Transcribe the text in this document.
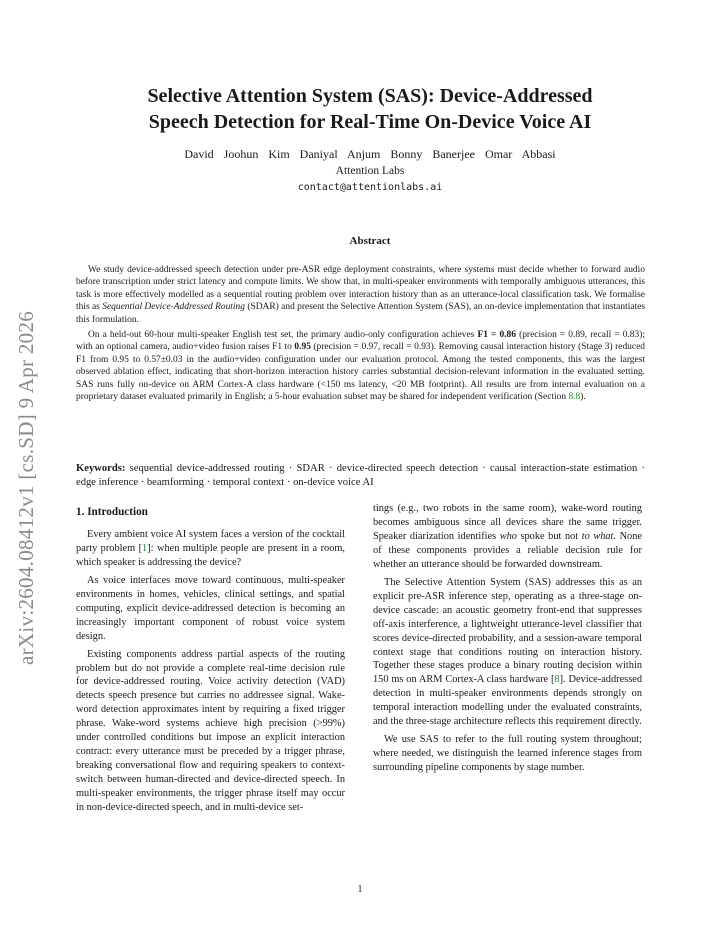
arXiv:2604.08412v1 [cs.SD] 9 Apr 2026
Selective Attention System (SAS): Device-Addressed
Speech Detection for Real-Time On-Device Voice AI
David Joohun Kim Daniyal Anjum Bonny Banerjee Omar Abbasi
Attention Labs
contact@attentionlabs.ai
Abstract

We study device-addressed speech detection under pre-ASR edge deployment constraints, where systems must decide whether to forward audio before transcription under strict latency and compute limits. We show that, in multi-speaker environments with temporally ambiguous utterances, this task is more effectively modelled as a sequential routing problem over interaction history than as an utterance-local classification task. We formalise this as Sequential Device-Addressed Routing (SDAR) and present the Selective Attention System (SAS), an on-device implementation that instantiates this formulation.

On a held-out 60-hour multi-speaker English test set, the primary audio-only configuration achieves F1 = 0.86 (precision = 0.89, recall = 0.83); with an optional camera, audio+video fusion raises F1 to 0.95 (precision = 0.97, recall = 0.93). Removing causal interaction history (Stage 3) reduced F1 from 0.95 to 0.57±0.03 in the audio+video configuration under our evaluation protocol. Among the tested components, this was the largest observed ablation effect, indicating that short-horizon interaction history carries substantial decision-relevant information in the evaluated setting. SAS runs fully on-device on ARM Cortex-A class hardware (<150 ms latency, <20 MB footprint). All results are from internal evaluation on a proprietary dataset evaluated primarily in English; a 5-hour evaluation subset may be shared for independent verification (Section 8.8).

Keywords: sequential device-addressed routing · SDAR · device-directed speech detection · causal interaction-state estimation · edge inference · beamforming · temporal context · on-device voice AI
1. Introduction

Every ambient voice AI system faces a version of the cocktail party problem [1]: when multiple people are present in a room, which speaker is addressing the device?

As voice interfaces move toward continuous, multi-speaker environments in homes, vehicles, clinical settings, and spatial computing, explicit device-addressed detection is becoming an increasingly important component of robust voice system design.

Existing components address partial aspects of the routing problem but do not provide a complete real-time decision rule for device-addressed routing. Voice activity detection (VAD) detects speech presence but carries no addressee signal. Wake-word detection approximates intent by requiring a fixed trigger phrase. Wake-word systems achieve high precision (>99%) under controlled conditions but impose an explicit interaction contract: every utterance must be preceded by a trigger phrase, breaking conversational flow and requiring speakers to context-switch between human-directed and device-directed speech. In multi-speaker environments, the trigger phrase itself may occur in non-device-directed speech, and in multi-device set-

tings (e.g., two robots in the same room), wake-word routing becomes ambiguous since all devices share the same trigger. Speaker diarization identifies who spoke but not to what. None of these components provides a reliable decision rule for whether an utterance should be forwarded downstream.

The Selective Attention System (SAS) addresses this as an explicit pre-ASR inference step, operating as a three-stage on-device cascade: an acoustic geometry front-end that suppresses off-axis interference, a lightweight utterance-level classifier that scores device-directed probability, and a session-aware temporal context stage that conditions routing on interaction history. Together these stages produce a binary routing decision within 150 ms on ARM Cortex-A class hardware [8]. Device-addressed detection in multi-speaker environments depends strongly on temporal interaction modelling under the evaluated constraints, and the three-stage architecture reflects this requirement directly.

We use SAS to refer to the full routing system throughout; where needed, we distinguish the learned inference stages from surrounding pipeline components by stage number.

1
